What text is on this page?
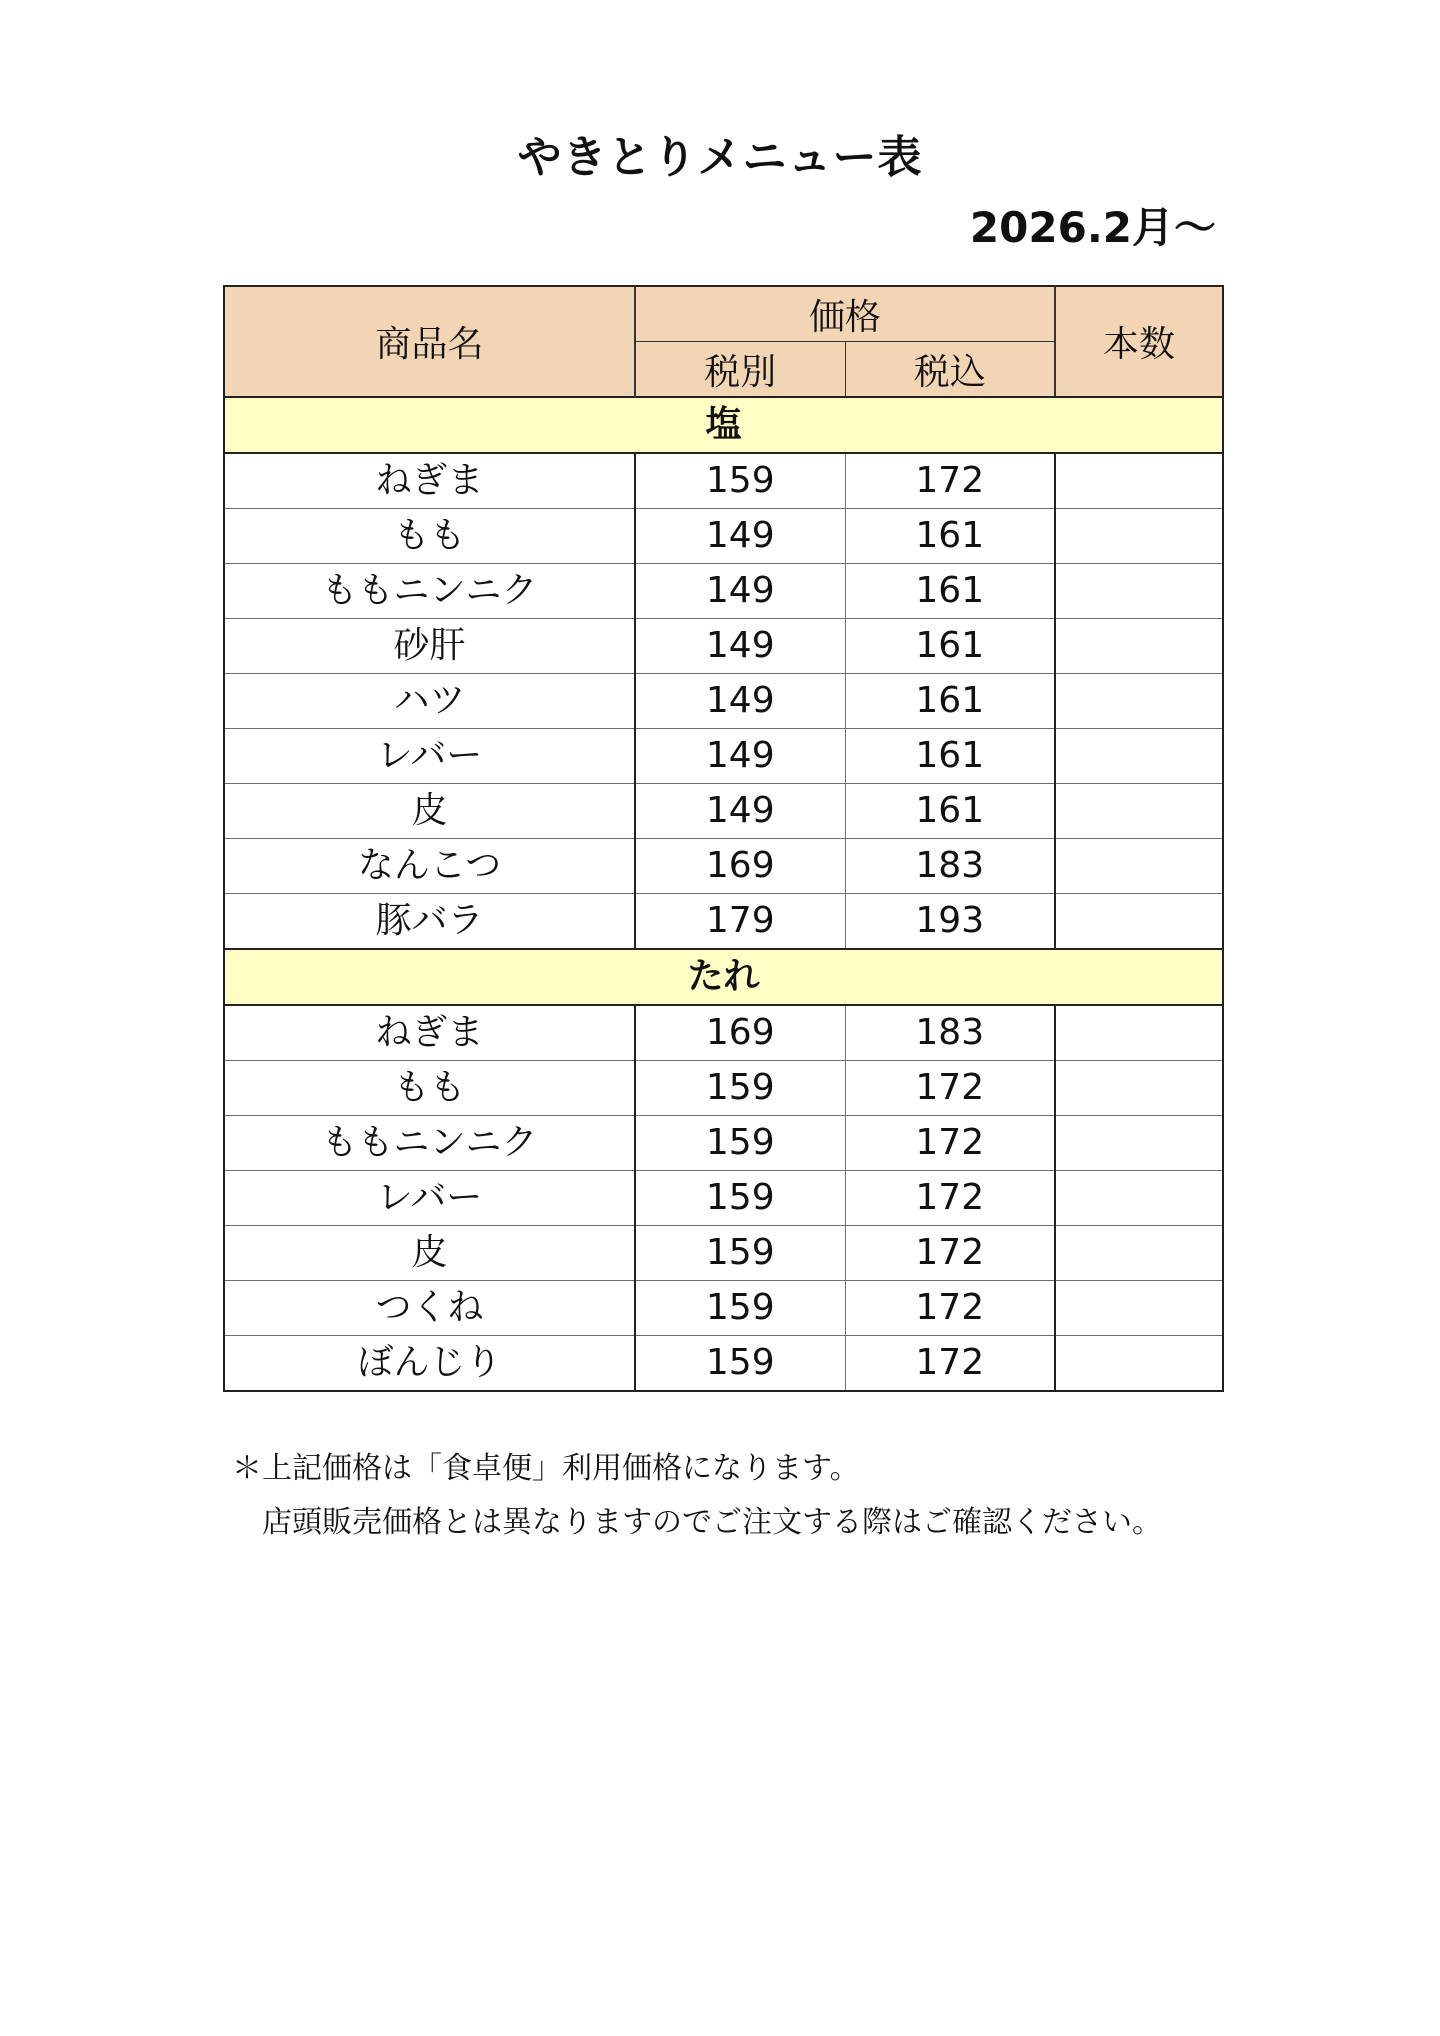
やきとりメニュー表
2026.2月～
商品名	価格		本数
	税別	税込	
塩			
ねぎま	159	172	
もも	149	161	
ももニンニク	149	161	
砂肝	149	161	
ハツ	149	161	
レバー	149	161	
皮	149	161	
なんこつ	169	183	
豚バラ	179	193	
たれ			
ねぎま	169	183	
もも	159	172	
ももニンニク	159	172	
レバー	159	172	
皮	159	172	
つくね	159	172	
ぼんじり	159	172	
＊上記価格は「食卓便」利用価格になります。
店頭販売価格とは異なりますのでご注文する際はご確認ください。
